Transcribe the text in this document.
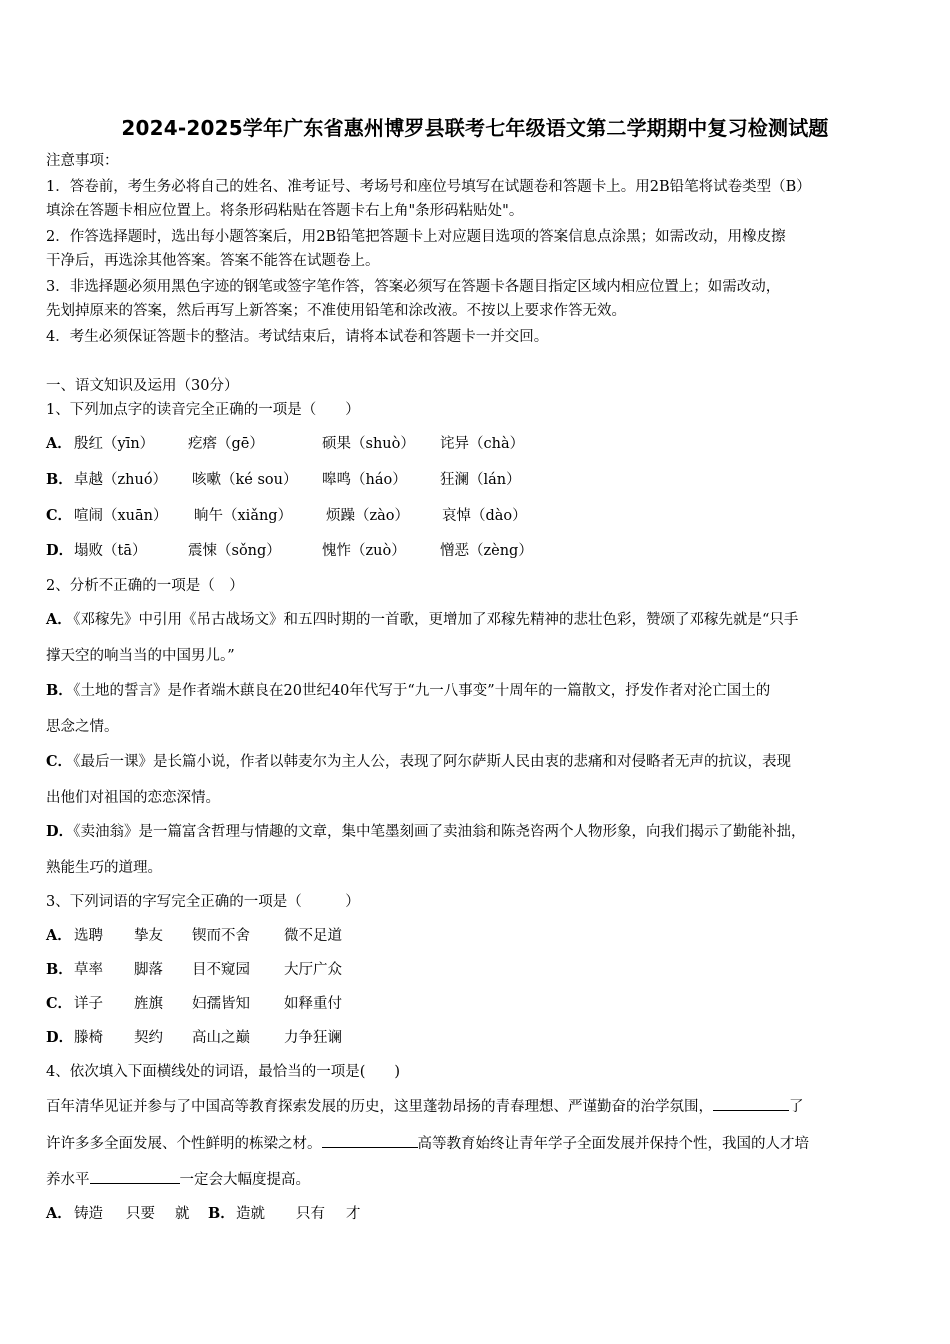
2024-2025学年广东省惠州博罗县联考七年级语文第二学期期中复习检测试题
注意事项：
1．答卷前，考生务必将自己的姓名、准考证号、考场号和座位号填写在试题卷和答题卡上。用2B铅笔将试卷类型（B）
填涂在答题卡相应位置上。将条形码粘贴在答题卡右上角"条形码粘贴处"。
2．作答选择题时，选出每小题答案后，用2B铅笔把答题卡上对应题目选项的答案信息点涂黑；如需改动，用橡皮擦
干净后，再选涂其他答案。答案不能答在试题卷上。
3．非选择题必须用黑色字迹的钢笔或签字笔作答，答案必须写在答题卡各题目指定区域内相应位置上；如需改动，
先划掉原来的答案，然后再写上新答案；不准使用铅笔和涂改液。不按以上要求作答无效。
4．考生必须保证答题卡的整洁。考试结束后，请将本试卷和答题卡一并交回。
一、语文知识及运用（30分）
1、下列加点字的读音完全正确的一项是（　　）
A． 殷红（yīn） 疙瘩（gē）	硕果（shuò） 诧异（chà）
B． 卓越（zhuó） 咳嗽（ké sou） 嗥鸣（háo） 狂澜（lán）
C． 喧闹（xuān） 晌午（xiǎng） 烦躁（zào） 哀悼（dào）
D． 塌败（tā）	震悚（sǒng）	愧怍（zuò） 憎恶（zèng）
2、分析不正确的一项是（　）
A．
《邓稼先》中引用《吊古战场文》和五四时期的一首歌，更增加了邓稼先精神的悲壮色彩，赞颂了邓稼先就是“只手
撑天空的响当当的中国男儿。”
B．
《土地的誓言》是作者端木蕻良在20世纪40年代写于“九一八事变”十周年的一篇散文，抒发作者对沦亡国土的
思念之情。
C．
《最后一课》是长篇小说，作者以韩麦尔为主人公，表现了阿尔萨斯人民由衷的悲痛和对侵略者无声的抗议，表现
出他们对祖国的恋恋深情。
D．
《卖油翁》是一篇富含哲理与情趣的文章，集中笔墨刻画了卖油翁和陈尧咨两个人物形象，向我们揭示了勤能补拙，
熟能生巧的道理。
3、下列词语的字写完全正确的一项是（　　　）
A． 选聘 挚友 锲而不舍 微不足道
B． 草率 脚落 目不窥园 大厅广众
C． 详子 旌旗 妇孺皆知 如释重付
D． 滕椅 契约 高山之巅 力争狂谰
4、依次填入下面横线处的词语，最恰当的一项是(　　)
百年清华见证并参与了中国高等教育探索发展的历史，这里蓬勃昂扬的青春理想、严谨勤奋的治学氛围，	了
许许多多全面发展、个性鲜明的栋梁之材。	高等教育始终让青年学子全面发展并保持个性，我国的人才培
养水平	一定会大幅度提高。
A． 铸造 只要 就 B． 造就 只有 才
